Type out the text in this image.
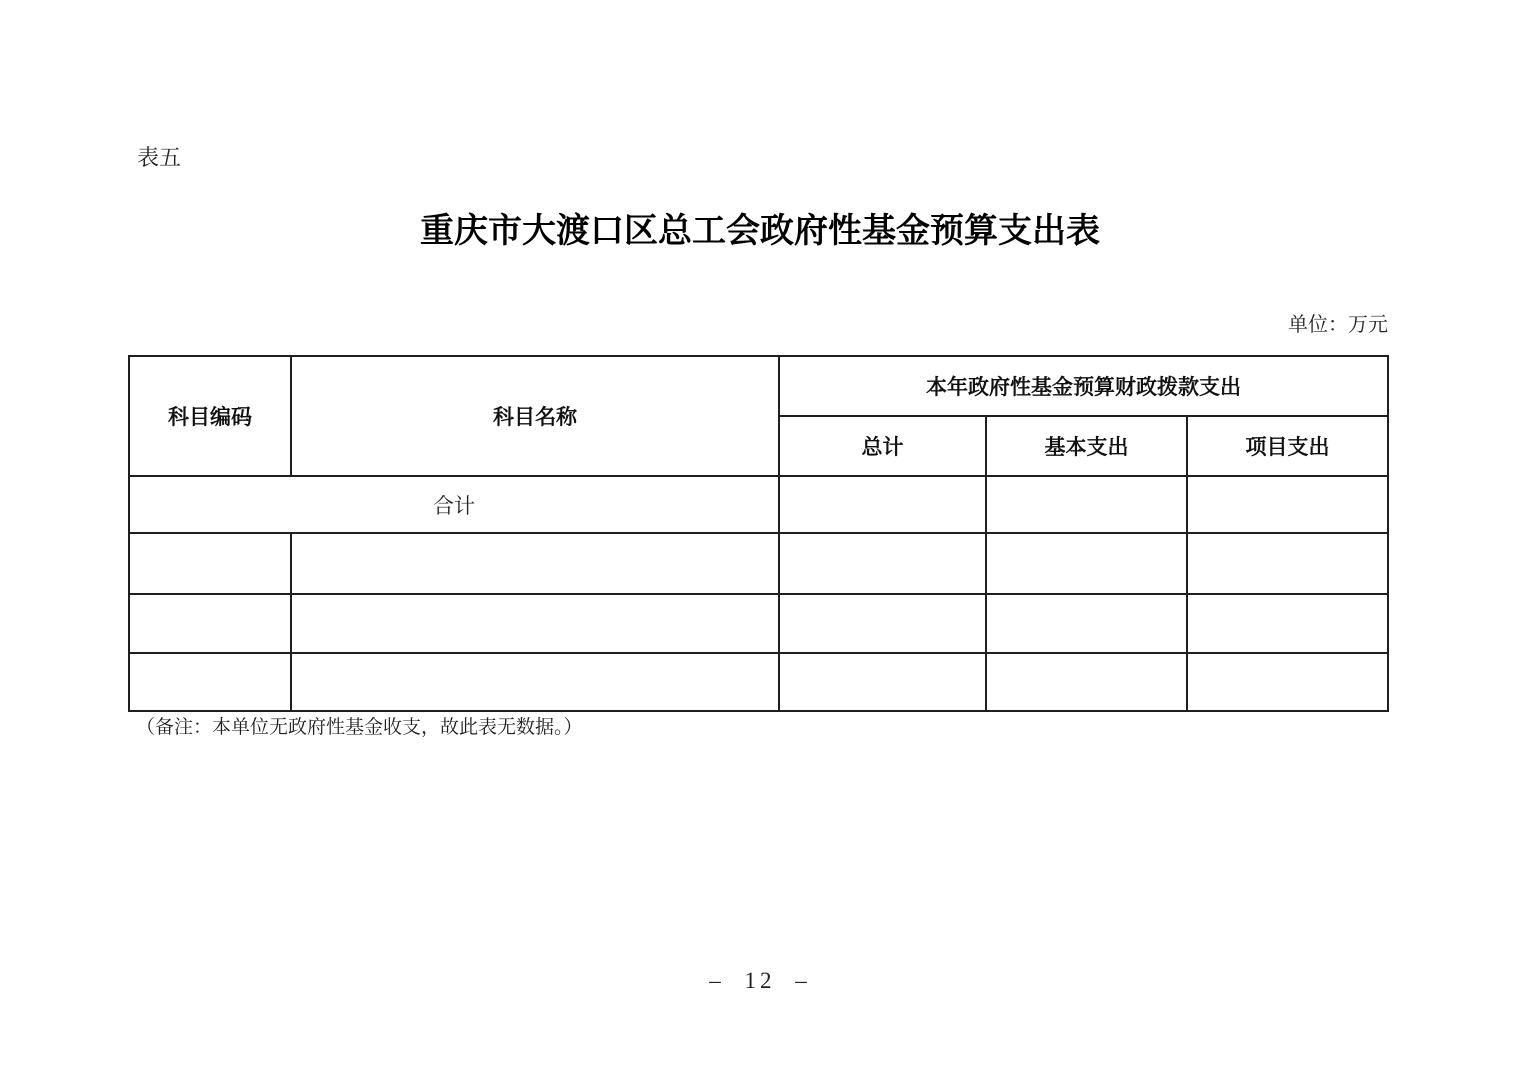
表五
重庆市大渡口区总工会政府性基金预算支出表
单位：万元
科目编码	科目名称	本年政府性基金预算财政拨款支出		
		总计	基本支出	项目支出
合计				

（备注：本单位无政府性基金收支，故此表无数据。）
– 12 –
